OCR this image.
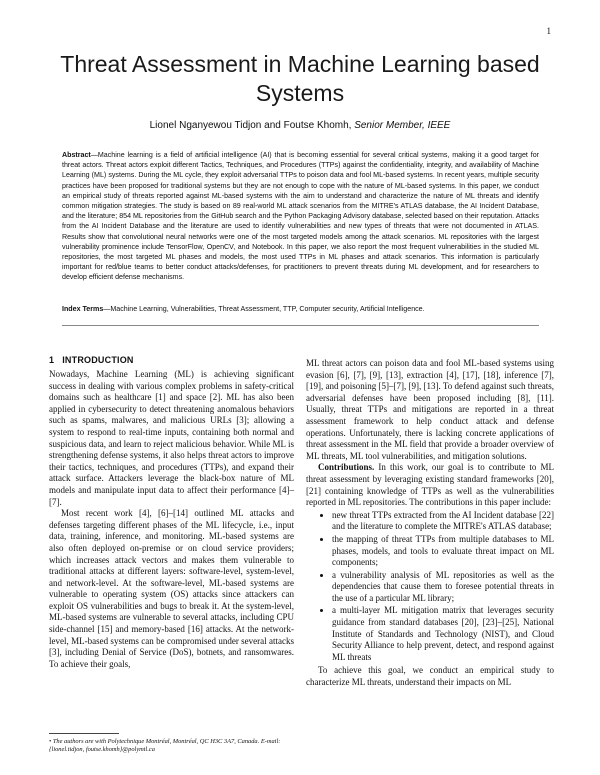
1
Threat Assessment in Machine Learning based Systems
Lionel Nganyewou Tidjon and Foutse Khomh, Senior Member, IEEE
Abstract—Machine learning is a field of artificial intelligence (AI) that is becoming essential for several critical systems, making it a good target for threat actors. Threat actors exploit different Tactics, Techniques, and Procedures (TTPs) against the confidentiality, integrity, and availability of Machine Learning (ML) systems. During the ML cycle, they exploit adversarial TTPs to poison data and fool ML-based systems. In recent years, multiple security practices have been proposed for traditional systems but they are not enough to cope with the nature of ML-based systems. In this paper, we conduct an empirical study of threats reported against ML-based systems with the aim to understand and characterize the nature of ML threats and identify common mitigation strategies. The study is based on 89 real-world ML attack scenarios from the MITRE's ATLAS database, the AI Incident Database, and the literature; 854 ML repositories from the GitHub search and the Python Packaging Advisory database, selected based on their reputation. Attacks from the AI Incident Database and the literature are used to identify vulnerabilities and new types of threats that were not documented in ATLAS. Results show that convolutional neural networks were one of the most targeted models among the attack scenarios. ML repositories with the largest vulnerability prominence include TensorFlow, OpenCV, and Notebook. In this paper, we also report the most frequent vulnerabilities in the studied ML repositories, the most targeted ML phases and models, the most used TTPs in ML phases and attack scenarios. This information is particularly important for red/blue teams to better conduct attacks/defenses, for practitioners to prevent threats during ML development, and for researchers to develop efficient defense mechanisms.
Index Terms—Machine Learning, Vulnerabilities, Threat Assessment, TTP, Computer security, Artificial Intelligence.
1 INTRODUCTION

Nowadays, Machine Learning (ML) is achieving significant success in dealing with various complex problems in safety-critical domains such as healthcare [1] and space [2]. ML has also been applied in cybersecurity to detect threatening anomalous behaviors such as spams, malwares, and malicious URLs [3]; allowing a system to respond to real-time inputs, containing both normal and suspicious data, and learn to reject malicious behavior. While ML is strengthening defense systems, it also helps threat actors to improve their tactics, techniques, and procedures (TTPs), and expand their attack surface. Attackers leverage the black-box nature of ML models and manipulate input data to affect their performance [4]–[7].

Most recent work [4], [6]–[14] outlined ML attacks and defenses targeting different phases of the ML lifecycle, i.e., input data, training, inference, and monitoring. ML-based systems are also often deployed on-premise or on cloud service providers; which increases attack vectors and makes them vulnerable to traditional attacks at different layers: software-level, system-level, and network-level. At the software-level, ML-based systems are vulnerable to operating system (OS) attacks since attackers can exploit OS vulnerabilities and bugs to break it. At the system-level, ML-based systems are vulnerable to several attacks, including CPU side-channel [15] and memory-based [16] attacks. At the network-level, ML-based systems can be compromised under several attacks [3], including Denial of Service (DoS), botnets, and ransomwares. To achieve their goals,

• The authors are with Polytechnique Montréal, Montréal, QC H3C 3A7, Canada. E-mail: {lionel.tidjon, foutse.khomh}@polymtl.ca

ML threat actors can poison data and fool ML-based systems using evasion [6], [7], [9], [13], extraction [4], [17], [18], inference [7], [19], and poisoning [5]–[7], [9], [13]. To defend against such threats, adversarial defenses have been proposed including [8], [11]. Usually, threat TTPs and mitigations are reported in a threat assessment framework to help conduct attack and defense operations. Unfortunately, there is lacking concrete applications of threat assessment in the ML field that provide a broader overview of ML threats, ML tool vulnerabilities, and mitigation solutions.

Contributions. In this work, our goal is to contribute to ML threat assessment by leveraging existing standard frameworks [20], [21] containing knowledge of TTPs as well as the vulnerabilities reported in ML repositories. The contributions in this paper include:

• new threat TTPs extracted from the AI Incident database [22] and the literature to complete the MITRE's ATLAS database;
• the mapping of threat TTPs from multiple databases to ML phases, models, and tools to evaluate threat impact on ML components;
• a vulnerability analysis of ML repositories as well as the dependencies that cause them to foresee potential threats in the use of a particular ML library;
• a multi-layer ML mitigation matrix that leverages security guidance from standard databases [20], [23]–[25], National Institute of Standards and Technology (NIST), and Cloud Security Alliance to help prevent, detect, and respond against ML threats

To achieve this goal, we conduct an empirical study to characterize ML threats, understand their impacts on ML
